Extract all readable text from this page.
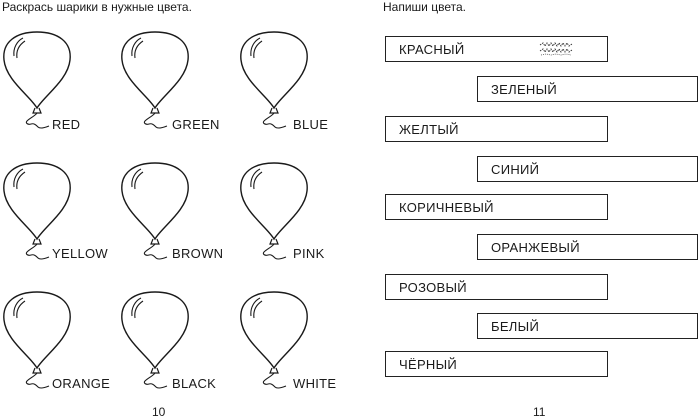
Раскрась шарики в нужные цвета.
RED	GREEN	BLUE
YELLOW	BROWN	PINK
ORANGE	BLACK	WHITE
10
Напиши цвета.
КРАСНЫЙ
ЗЕЛЕНЫЙ
ЖЕЛТЫЙ
СИНИЙ
КОРИЧНЕВЫЙ
ОРАНЖЕВЫЙ
РОЗОВЫЙ
БЕЛЫЙ
ЧЁРНЫЙ
11
